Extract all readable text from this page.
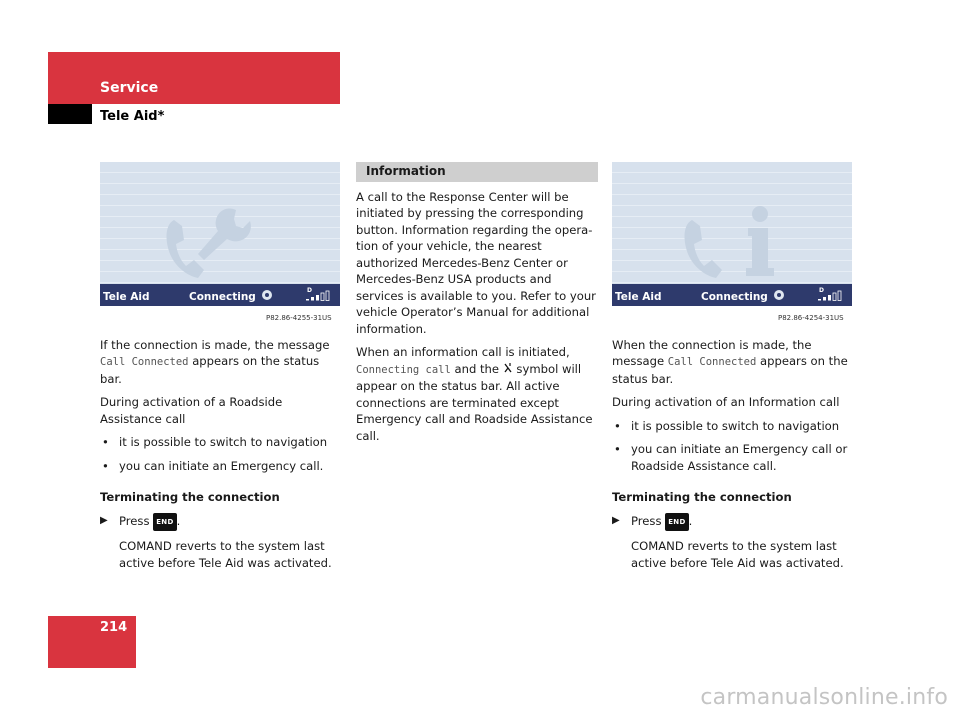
Service
Tele Aid*
Tele Aid	Connecting
D
P82.86-4255-31US

If the connection is made, the message Call Connected appears on the status bar.

During activation of a Roadside Assistance call

• it is possible to switch to navigation
• you can initiate an Emergency call.
Terminating the connection
▶ Press END .
COMAND reverts to the system last active before Tele Aid was activated.
Information

A call to the Response Center will be initiated by pressing the corresponding button. Information regarding the opera-tion of your vehicle, the nearest authorized Mercedes-Benz Center or Mercedes-Benz USA products and services is available to you. Refer to your vehicle Operator’s Manual for additional information.

When an information call is initiated, Connecting call and the symbol will appear on the status bar. All active connections are terminated except Emergency call and Roadside Assistance call.

Tele Aid	Connecting
D
P82.86-4254-31US

When the connection is made, the message Call Connected appears on the status bar.

During activation of an Information call

• it is possible to switch to navigation
• you can initiate an Emergency call or Roadside Assistance call.
Terminating the connection
▶ Press END .
COMAND reverts to the system last active before Tele Aid was activated.
214
carmanualsonline.info
